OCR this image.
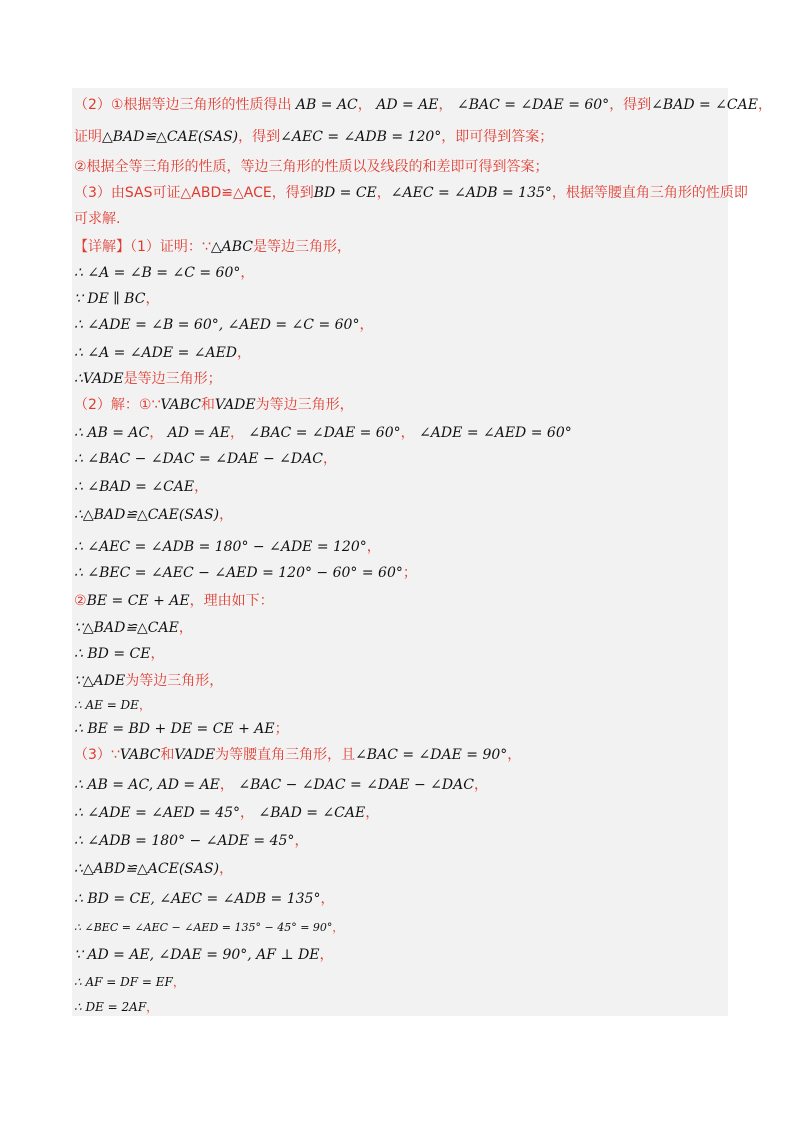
（2）①根据等边三角形的性质得出 AB = AC， AD = AE， ∠BAC = ∠DAE = 60°，得到∠BAD = ∠CAE，
证明△BAD≌△CAE(SAS)，得到∠AEC = ∠ADB = 120°，即可得到答案；
②根据全等三角形的性质，等边三角形的性质以及线段的和差即可得到答案；
（3）由SAS可证△ABD≌△ACE，得到BD = CE，∠AEC = ∠ADB = 135°，根据等腰直角三角形的性质即
可求解.
【详解】（1）证明：∵△ABC是等边三角形，
∴ ∠A = ∠B = ∠C = 60°，
∵ DE ∥ BC，
∴ ∠ADE = ∠B = 60°, ∠AED = ∠C = 60°，
∴ ∠A = ∠ADE = ∠AED，
∴VADE是等边三角形；
（2）解：①∵VABC和VADE为等边三角形，
∴ AB = AC， AD = AE， ∠BAC = ∠DAE = 60°， ∠ADE = ∠AED = 60°
∴ ∠BAC − ∠DAC = ∠DAE − ∠DAC，
∴ ∠BAD = ∠CAE，
∴△BAD≌△CAE(SAS)，
∴ ∠AEC = ∠ADB = 180° − ∠ADE = 120°，
∴ ∠BEC = ∠AEC − ∠AED = 120° − 60° = 60°；
②BE = CE + AE，理由如下：
∵△BAD≌△CAE，
∴ BD = CE，
∵△ADE为等边三角形，
∴ AE = DE，
∴ BE = BD + DE = CE + AE；
（3）∵VABC和VADE为等腰直角三角形，且∠BAC = ∠DAE = 90°，
∴ AB = AC, AD = AE， ∠BAC − ∠DAC = ∠DAE − ∠DAC，
∴ ∠ADE = ∠AED = 45°， ∠BAD = ∠CAE，
∴ ∠ADB = 180° − ∠ADE = 45°，
∴△ABD≌△ACE(SAS)，
∴ BD = CE, ∠AEC = ∠ADB = 135°，
∴ ∠BEC = ∠AEC − ∠AED = 135° − 45° = 90°，
∵ AD = AE, ∠DAE = 90°, AF ⊥ DE，
∴ AF = DF = EF，
∴ DE = 2AF，
